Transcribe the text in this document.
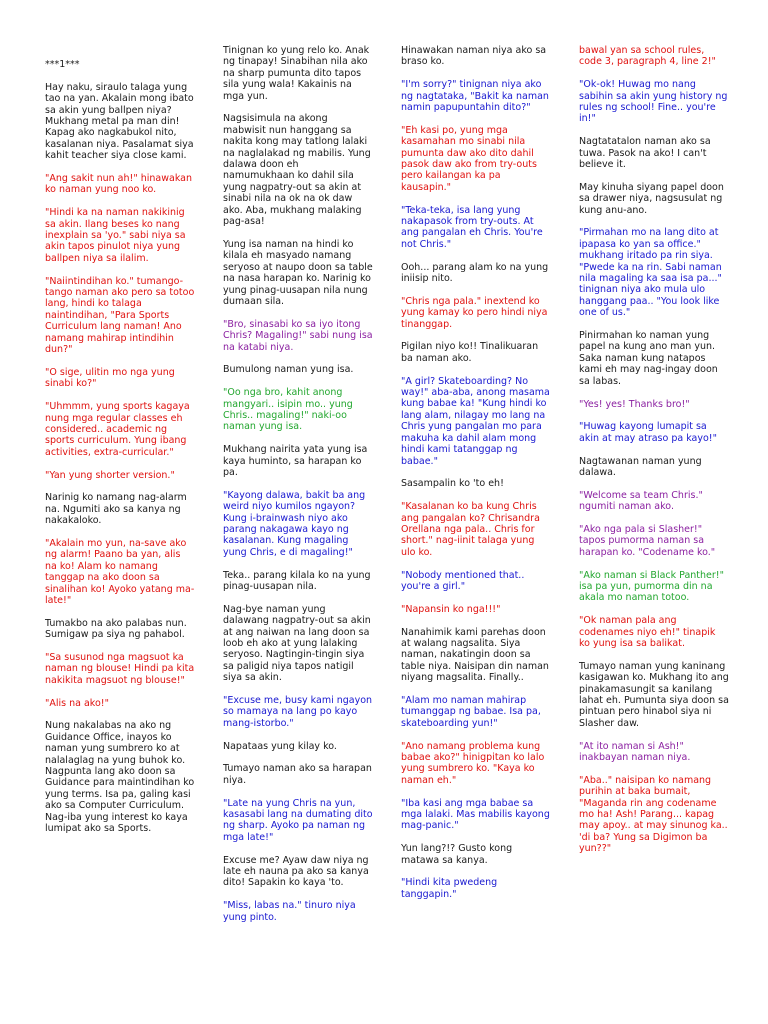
***1***

Hay naku, siraulo talaga yung tao na yan. Akalain mong ibato sa akin yung ballpen niya? Mukhang metal pa man din! Kapag ako nagkabukol nito, kasalanan niya. Pasalamat siya kahit teacher siya close kami.

"Ang sakit nun ah!" hinawakan ko naman yung noo ko.

"Hindi ka na naman nakikinig sa akin. Ilang beses ko nang inexplain sa 'yo." sabi niya sa akin tapos pinulot niya yung ballpen niya sa ilalim.

"Naiintindihan ko." tumango-tango naman ako pero sa totoo lang, hindi ko talaga naintindihan, "Para Sports Curriculum lang naman! Ano namang mahirap intindihin dun?"

"O sige, ulitin mo nga yung sinabi ko?"

"Uhmmm, yung sports kagaya nung mga regular classes eh considered.. academic ng sports curriculum. Yung ibang activities, extra-curricular."

"Yan yung shorter version."

Narinig ko namang nag-alarm na. Ngumiti ako sa kanya ng nakakaloko.

"Akalain mo yun, na-save ako ng alarm! Paano ba yan, alis na ko! Alam ko namang tanggap na ako doon sa sinalihan ko! Ayoko yatang ma-late!"

Tumakbo na ako palabas nun. Sumigaw pa siya ng pahabol.

"Sa susunod nga magsuot ka naman ng blouse! Hindi pa kita nakikita magsuot ng blouse!"

"Alis na ako!"

Nung nakalabas na ako ng Guidance Office, inayos ko naman yung sumbrero ko at nalalaglag na yung buhok ko. Nagpunta lang ako doon sa Guidance para maintindihan ko yung terms. Isa pa, galing kasi ako sa Computer Curriculum. Nag-iba yung interest ko kaya lumipat ako sa Sports.

Tinignan ko yung relo ko. Anak ng tinapay! Sinabihan nila ako na sharp pumunta dito tapos sila yung wala! Kakainis na mga yun.

Nagsisimula na akong mabwisit nun hanggang sa nakita kong may tatlong lalaki na naglalakad ng mabilis. Yung dalawa doon eh namumukhaan ko dahil sila yung nagpatry-out sa akin at sinabi nila na ok na ok daw ako. Aba, mukhang malaking pag-asa!

Yung isa naman na hindi ko kilala eh masyado namang seryoso at naupo doon sa table na nasa harapan ko. Narinig ko yung pinag-uusapan nila nung dumaan sila.

"Bro, sinasabi ko sa iyo itong Chris? Magaling!" sabi nung isa na katabi niya.

Bumulong naman yung isa.

"Oo nga bro, kahit anong mangyari.. isipin mo.. yung Chris.. magaling!" naki-oo naman yung isa.

Mukhang nairita yata yung isa kaya huminto, sa harapan ko pa.

"Kayong dalawa, bakit ba ang weird niyo kumilos ngayon? Kung i-brainwash niyo ako parang nakagawa kayo ng kasalanan. Kung magaling yung Chris, e di magaling!"

Teka.. parang kilala ko na yung pinag-uusapan nila.

Nag-bye naman yung dalawang nagpatry-out sa akin at ang naiwan na lang doon sa loob eh ako at yung lalaking seryoso. Nagtingin-tingin siya sa paligid niya tapos natigil siya sa akin.

"Excuse me, busy kami ngayon so mamaya na lang po kayo mang-istorbo."

Napataas yung kilay ko.

Tumayo naman ako sa harapan niya.

"Late na yung Chris na yun, kasasabi lang na dumating dito ng sharp. Ayoko pa naman ng mga late!"

Excuse me? Ayaw daw niya ng late eh nauna pa ako sa kanya dito! Sapakin ko kaya 'to.

"Miss, labas na." tinuro niya yung pinto.

Hinawakan naman niya ako sa braso ko.

"I'm sorry?" tinignan niya ako ng nagtataka, "Bakit ka naman namin papupuntahin dito?"

"Eh kasi po, yung mga kasamahan mo sinabi nila pumunta daw ako dito dahil pasok daw ako from try-outs pero kailangan ka pa kausapin."

"Teka-teka, isa lang yung nakapasok from try-outs. At ang pangalan eh Chris. You're not Chris."

Ooh... parang alam ko na yung iniisip nito.

"Chris nga pala." inextend ko yung kamay ko pero hindi niya tinanggap.

Pigilan niyo ko!! Tinalikuaran ba naman ako.

"A girl? Skateboarding? No way!" aba-aba, anong masama kung babae ka! "Kung hindi ko lang alam, nilagay mo lang na Chris yung pangalan mo para makuha ka dahil alam mong hindi kami tatanggap ng babae."

Sasampalin ko 'to eh!

"Kasalanan ko ba kung Chris ang pangalan ko? Chrisandra Orellana nga pala.. Chris for short." nag-iinit talaga yung ulo ko.

"Nobody mentioned that.. you're a girl."

"Napansin ko nga!!!"

Nanahimik kami parehas doon at walang nagsalita. Siya naman, nakatingin doon sa table niya. Naisipan din naman niyang magsalita. Finally..

"Alam mo naman mahirap tumanggap ng babae. Isa pa, skateboarding yun!"

"Ano namang problema kung babae ako?" hinigpitan ko lalo yung sumbrero ko. "Kaya ko naman eh."

"Iba kasi ang mga babae sa mga lalaki. Mas mabilis kayong mag-panic."

Yun lang?!? Gusto kong matawa sa kanya.

"Hindi kita pwedeng tanggapin."

bawal yan sa school rules, code 3, paragraph 4, line 2!"

"Ok-ok! Huwag mo nang sabihin sa akin yung history ng rules ng school! Fine.. you're in!"

Nagtatatalon naman ako sa tuwa. Pasok na ako! I can't believe it.

May kinuha siyang papel doon sa drawer niya, nagsusulat ng kung anu-ano.

"Pirmahan mo na lang dito at ipapasa ko yan sa office." mukhang iritado pa rin siya. "Pwede ka na rin. Sabi naman nila magaling ka saa isa pa..." tinignan niya ako mula ulo hanggang paa.. "You look like one of us."

Pinirmahan ko naman yung papel na kung ano man yun. Saka naman kung natapos kami eh may nag-ingay doon sa labas.

"Yes! yes! Thanks bro!"

"Huwag kayong lumapit sa akin at may atraso pa kayo!"

Nagtawanan naman yung dalawa.

"Welcome sa team Chris." ngumiti naman ako.

"Ako nga pala si Slasher!" tapos pumorma naman sa harapan ko. "Codename ko."

"Ako naman si Black Panther!" isa pa yun, pumorma din na akala mo naman totoo.

"Ok naman pala ang codenames niyo eh!" tinapik ko yung isa sa balikat.

Tumayo naman yung kaninang kasigawan ko. Mukhang ito ang pinakamasungit sa kanilang lahat eh. Pumunta siya doon sa pintuan pero hinabol siya ni Slasher daw.

"At ito naman si Ash!" inakbayan naman niya.

"Aba.." naisipan ko namang purihin at baka bumait, "Maganda rin ang codename mo ha! Ash! Parang... kapag may apoy.. at may sinunog ka.. 'di ba? Yung sa Digimon ba yun??"
